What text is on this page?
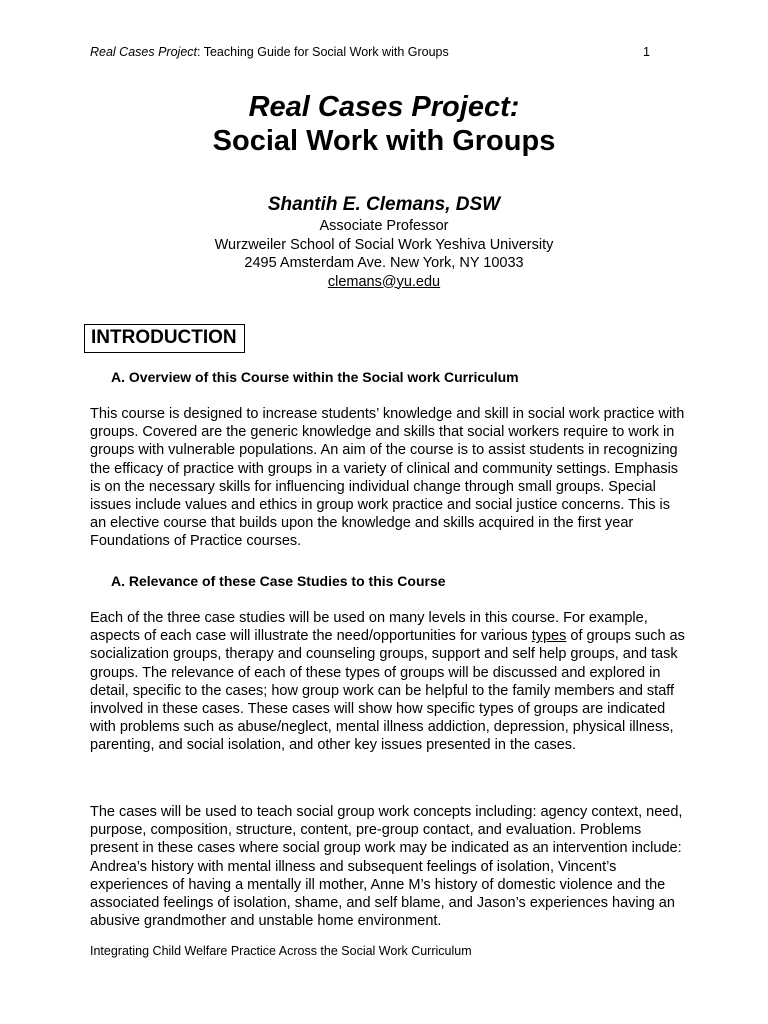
Real Cases Project: Teaching Guide for Social Work with Groups	1
Real Cases Project:
Social Work with Groups
Shantih E. Clemans, DSW
Associate Professor
Wurzweiler School of Social Work Yeshiva University
2495 Amsterdam Ave. New York, NY 10033
clemans@yu.edu
INTRODUCTION
A. Overview of this Course within the Social work Curriculum

This course is designed to increase students’ knowledge and skill in social work practice with groups. Covered are the generic knowledge and skills that social workers require to work in groups with vulnerable populations. An aim of the course is to assist students in recognizing the efficacy of practice with groups in a variety of clinical and community settings. Emphasis is on the necessary skills for influencing individual change through small groups. Special issues include values and ethics in group work practice and social justice concerns. This is an elective course that builds upon the knowledge and skills acquired in the first year Foundations of Practice courses.

A. Relevance of these Case Studies to this Course

Each of the three case studies will be used on many levels in this course. For example, aspects of each case will illustrate the need/opportunities for various types of groups such as socialization groups, therapy and counseling groups, support and self help groups, and task groups. The relevance of each of these types of groups will be discussed and explored in detail, specific to the cases; how group work can be helpful to the family members and staff involved in these cases. These cases will show how specific types of groups are indicated with problems such as abuse/neglect, mental illness addiction, depression, physical illness, parenting, and social isolation, and other key issues presented in the cases.

The cases will be used to teach social group work concepts including: agency context, need, purpose, composition, structure, content, pre-group contact, and evaluation. Problems present in these cases where social group work may be indicated as an intervention include: Andrea’s history with mental illness and subsequent feelings of isolation, Vincent’s experiences of having a mentally ill mother, Anne M’s history of domestic violence and the associated feelings of isolation, shame, and self blame, and Jason’s experiences having an abusive grandmother and unstable home environment.

Integrating Child Welfare Practice Across the Social Work Curriculum
